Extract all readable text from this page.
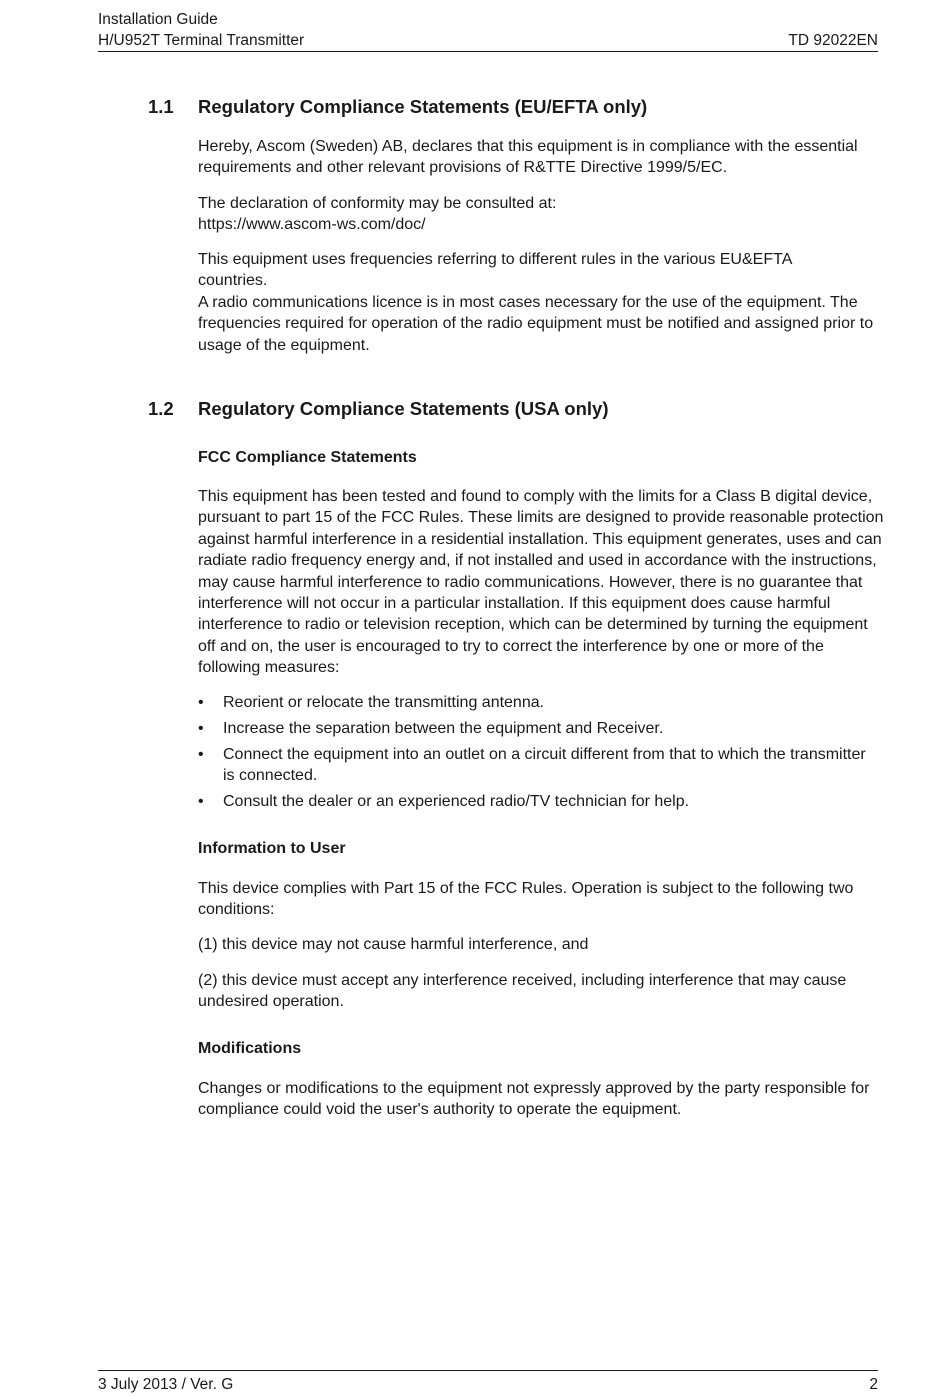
Installation Guide
H/U952T Terminal Transmitter	TD 92022EN
1.1 Regulatory Compliance Statements (EU/EFTA only)

Hereby, Ascom (Sweden) AB, declares that this equipment is in compliance with the essential requirements and other relevant provisions of R&TTE Directive 1999/5/EC.

The declaration of conformity may be consulted at:
https://www.ascom-ws.com/doc/
This equipment uses frequencies referring to different rules in the various EU&EFTA countries.
A radio communications licence is in most cases necessary for the use of the equipment. The frequencies required for operation of the radio equipment must be notified and assigned prior to usage of the equipment.
1.2 Regulatory Compliance Statements (USA only)
FCC Compliance Statements

This equipment has been tested and found to comply with the limits for a Class B digital device, pursuant to part 15 of the FCC Rules. These limits are designed to provide reasonable protection against harmful interference in a residential installation. This equipment generates, uses and can radiate radio frequency energy and, if not installed and used in accordance with the instructions, may cause harmful interference to radio communications. However, there is no guarantee that interference will not occur in a particular installation. If this equipment does cause harmful interference to radio or television reception, which can be determined by turning the equipment off and on, the user is encouraged to try to correct the interference by one or more of the following measures:

• Reorient or relocate the transmitting antenna.
• Increase the separation between the equipment and Receiver.
• Connect the equipment into an outlet on a circuit different from that to which the transmitter is connected.
• Consult the dealer or an experienced radio/TV technician for help.
Information to User

This device complies with Part 15 of the FCC Rules. Operation is subject to the following two conditions:

(1) this device may not cause harmful interference, and

(2) this device must accept any interference received, including interference that may cause undesired operation.

Modifications

Changes or modifications to the equipment not expressly approved by the party responsible for compliance could void the user's authority to operate the equipment.

3 July 2013 / Ver. G	2
